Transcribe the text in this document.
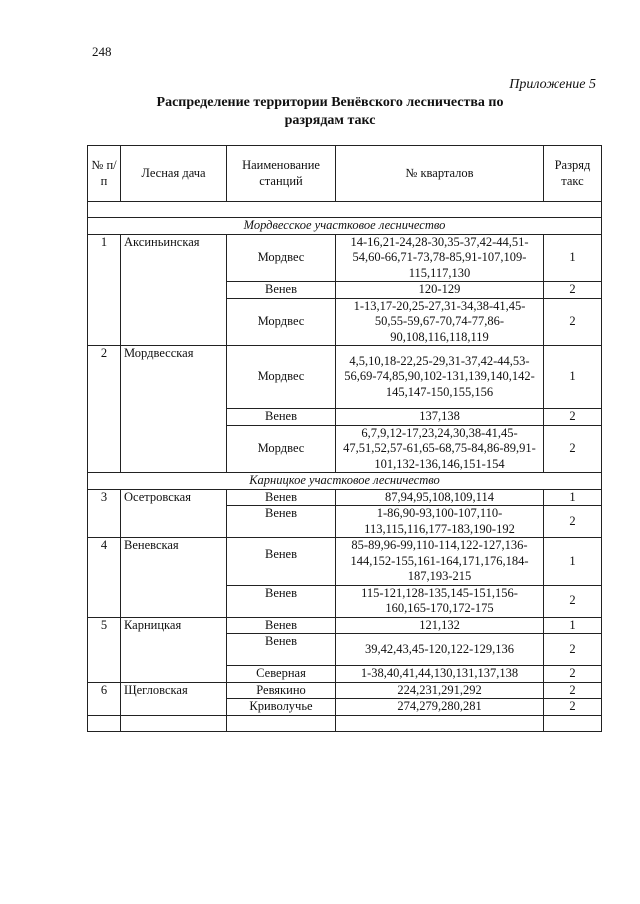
248
Приложение 5
Распределение территории Венёвского лесничества по
разрядам такс
№ п/п	Лесная дача	Наименование станций	№ кварталов	Разряд такс

Мордвесское участковое лесничество				
1	Аксиньинская	Мордвес	14-16,21-24,28-30,35-37,42-44,51-54,60-66,71-73,78-85,91-107,109-115,117,130	1
		Венев	120-129	2
		Мордвес	1-13,17-20,25-27,31-34,38-41,45-50,55-59,67-70,74-77,86-90,108,116,118,119	2
2	Мордвесская	Мордвес	4,5,10,18-22,25-29,31-37,42-44,53-56,69-74,85,90,102-131,139,140,142-145,147-150,155,156	1
		Венев	137,138	2
		Мордвес	6,7,9,12-17,23,24,30,38-41,45-47,51,52,57-61,65-68,75-84,86-89,91-101,132-136,146,151-154	2
Карницкое участковое лесничество				
3	Осетровская	Венев	87,94,95,108,109,114	1
		Венев	1-86,90-93,100-107,110-113,115,116,177-183,190-192	2
4	Веневская	Венев	85-89,96-99,110-114,122-127,136-144,152-155,161-164,171,176,184-187,193-215	1
		Венев	115-121,128-135,145-151,156-160,165-170,172-175	2
5	Карницкая	Венев	121,132	1
		Венев	39,42,43,45-120,122-129,136	2
		Северная	1-38,40,41,44,130,131,137,138	2
6	Щегловская	Ревякино	224,231,291,292	2
		Криволучье	274,279,280,281	2
